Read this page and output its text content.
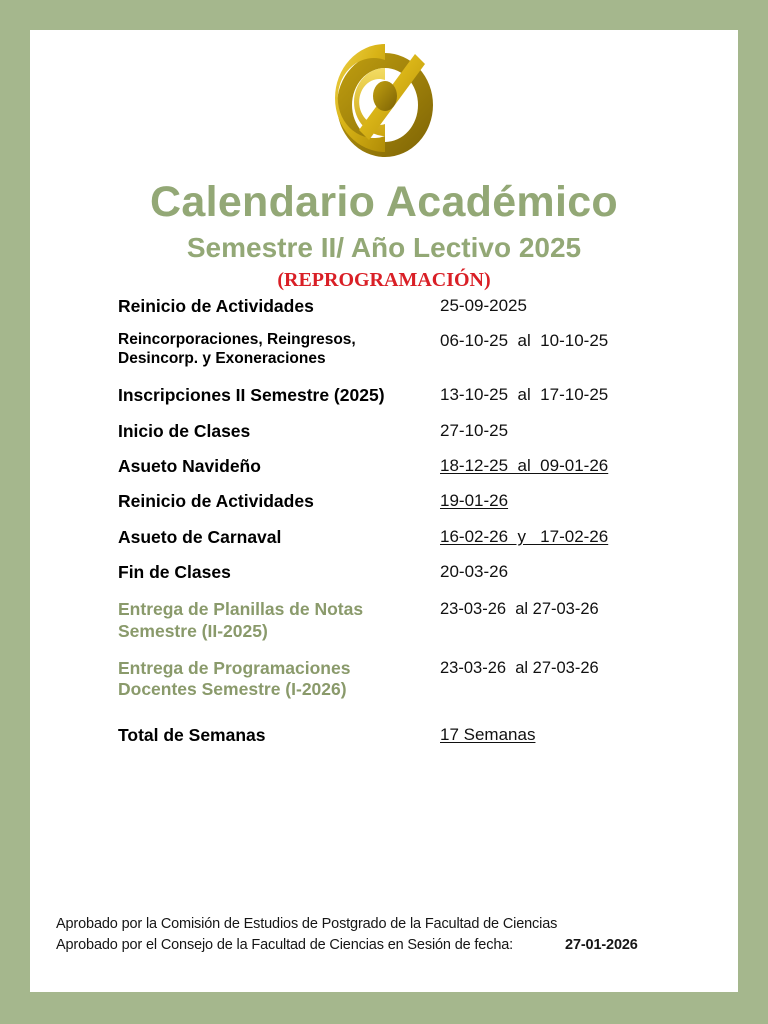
Calendario Académico
Semestre II/ Año Lectivo 2025
(REPROGRAMACIÓN)
Reinicio de Actividades	25-09-2025

Reincorporaciones, Reingresos, Desincorp. y Exoneraciones	06-10-25  al  10-10-25

Inscripciones II Semestre (2025)	13-10-25  al  17-10-25

Inicio de Clases	27-10-25

Asueto Navideño	18-12-25  al  09-01-26

Reinicio de Actividades	19-01-26

Asueto de Carnaval	16-02-26  y   17-02-26

Fin de Clases	20-03-26

Entrega de Planillas de Notas Semestre (II-2025)	23-03-26  al 27-03-26

Entrega de Programaciones Docentes Semestre (I-2026)	23-03-26  al 27-03-26

Total de Semanas	17 Semanas
Aprobado por la Comisión de Estudios de Postgrado de la Facultad de Ciencias
Aprobado por el Consejo de la Facultad de Ciencias en Sesión de fecha:	27-01-2026
